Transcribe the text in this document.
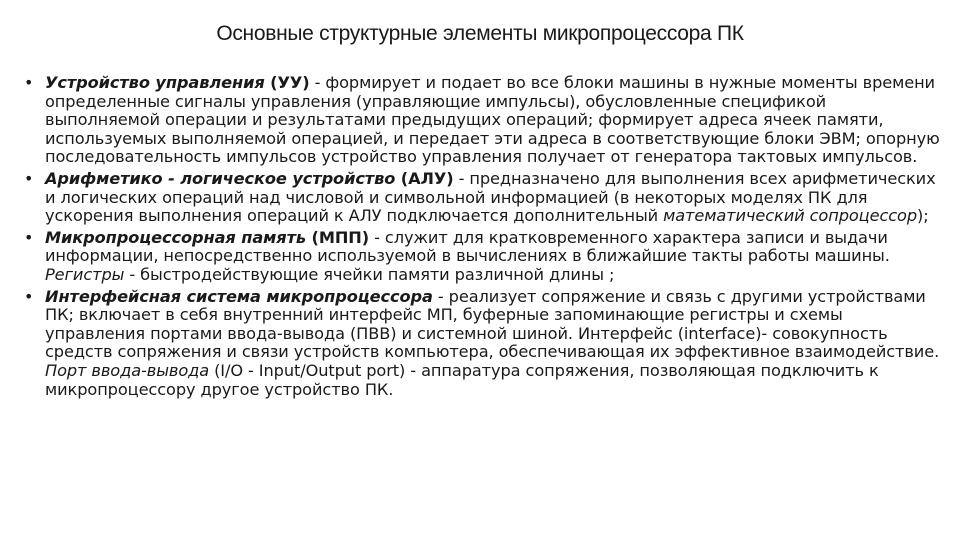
Основные структурные элементы микропроцессора ПК
• Устройство управления (УУ) - формирует и подает во все блоки машины в нужные моменты времени определенные сигналы управления (управляющие импульсы), обусловленные спецификой выполняемой операции и результатами предыдущих операций; формирует адреса ячеек памяти, используемых выполняемой операцией, и передает эти адреса в соответствующие блоки ЭВМ; опорную последовательность импульсов устройство управления получает от генератора тактовых импульсов.
• Арифметико - логическое устройство (АЛУ) - предназначено для выполнения всех арифметических и логических операций над числовой и символьной информацией (в некоторых моделях ПК для ускорения выполнения операций к АЛУ подключается дополнительный математический сопроцессор);
• Микропроцессорная память (МПП) - служит для кратковременного характера записи и выдачи информации, непосредственно используемой в вычислениях в ближайшие такты работы машины. Регистры - быстродействующие ячейки памяти различной длины ;
• Интерфейсная система микропроцессора - реализует сопряжение и связь с другими устройствами ПК; включает в себя внутренний интерфейс МП, буферные запоминающие регистры и схемы управления портами ввода-вывода (ПВВ) и системной шиной. Интерфейс (interface)- совокупность средств сопряжения и связи устройств компьютера, обеспечивающая их эффективное взаимодействие. Порт ввода-вывода (I/O - Input/Output port) - аппаратура сопряжения, позволяющая подключить к микропроцессору другое устройство ПК.
